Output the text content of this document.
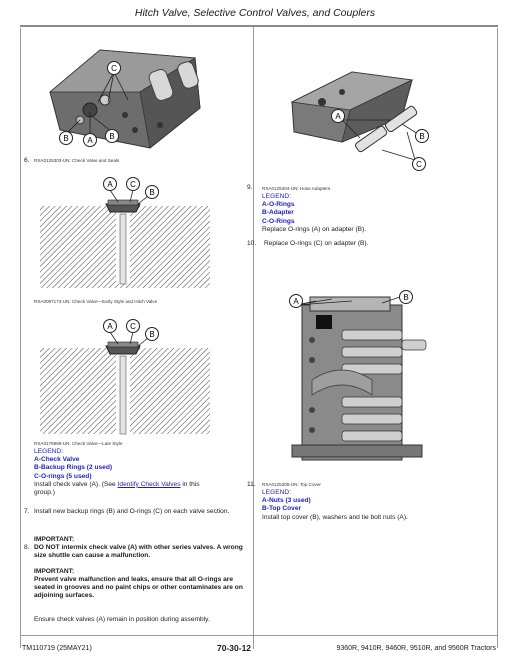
Hitch Valve, Selective Control Valves, and Couplers
C
B A B
6. RXA0125303-UN: Check Valve and Seals
A C
B
RXA0097173-UN: Check Valve—Early Style and Hitch Valve
A C
B
RXA0175969-UN: Check Valve—Late Style
LEGEND:
A-Check Valve
B-Backup Rings (2 used)
C-O-rings (5 used)
Install check valve (A). (See Identify Check Valves in this
group.)
7. Install new backup rings (B) and O-rings (C) on each valve section.
IMPORTANT:
8. DO NOT intermix check valve (A) with other series valves. A wrong size shuttle can cause a malfunction.
IMPORTANT:
Prevent valve malfunction and leaks, ensure that all O-rings are seated in grooves and no paint chips or other contaminates are on adjoining surfaces.
Ensure check valves (A) remain in position during assembly.
A
B
C
9. RXA0125304-UN: Hose Adapters
LEGEND:
A-O-Rings
B-Adapter
C-O-Rings
Replace O-rings (A) on adapter (B).
10. Replace O-rings (C) on adapter (B).
A	B
11. RXA0125305-UN: Top Cover
LEGEND:
A-Nuts (3 used)
B-Top Cover
Install top cover (B), washers and tie bolt nuts (A).
TM110719 (25MAY21)	70-30-12	9360R, 9410R, 9460R, 9510R, and 9560R Tractors
